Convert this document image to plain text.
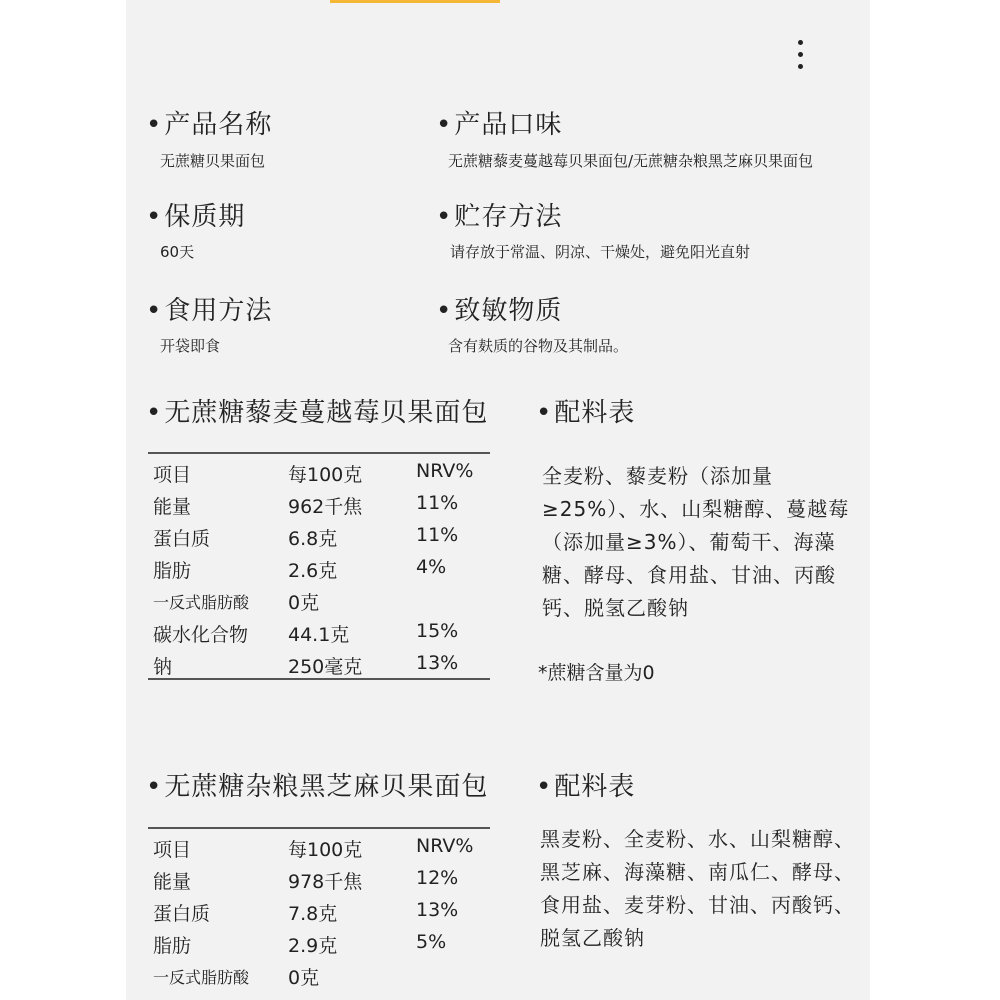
•产品名称
无蔗糖贝果面包
•产品口味
无蔗糖藜麦蔓越莓贝果面包/无蔗糖杂粮黑芝麻贝果面包
•保质期
60天
•贮存方法
请存放于常温、阴凉、干燥处，避免阳光直射
•食用方法
开袋即食
•致敏物质
含有麸质的谷物及其制品。
•无蔗糖藜麦蔓越莓贝果面包 •配料表
项目	每100克	NRV%
能量	962千焦	11%
蛋白质	6.8克	11%
脂肪	2.6克	4%
一反式脂肪酸 0克
碳水化合物 44.1克	15%
钠	250毫克	13%
全麦粉、藜麦粉（添加量≥25%）、水、山梨糖醇、蔓越莓（添加量≥3%）、葡萄干、海藻糖、酵母、食用盐、甘油、丙酸钙、脱氢乙酸钠
*蔗糖含量为0
•无蔗糖杂粮黑芝麻贝果面包 •配料表
项目	每100克	NRV%
能量	978千焦	12%
蛋白质	7.8克	13%
脂肪	2.9克	5%
一反式脂肪酸 0克
黑麦粉、全麦粉、水、山梨糖醇、黑芝麻、海藻糖、南瓜仁、酵母、食用盐、麦芽粉、甘油、丙酸钙、脱氢乙酸钠
